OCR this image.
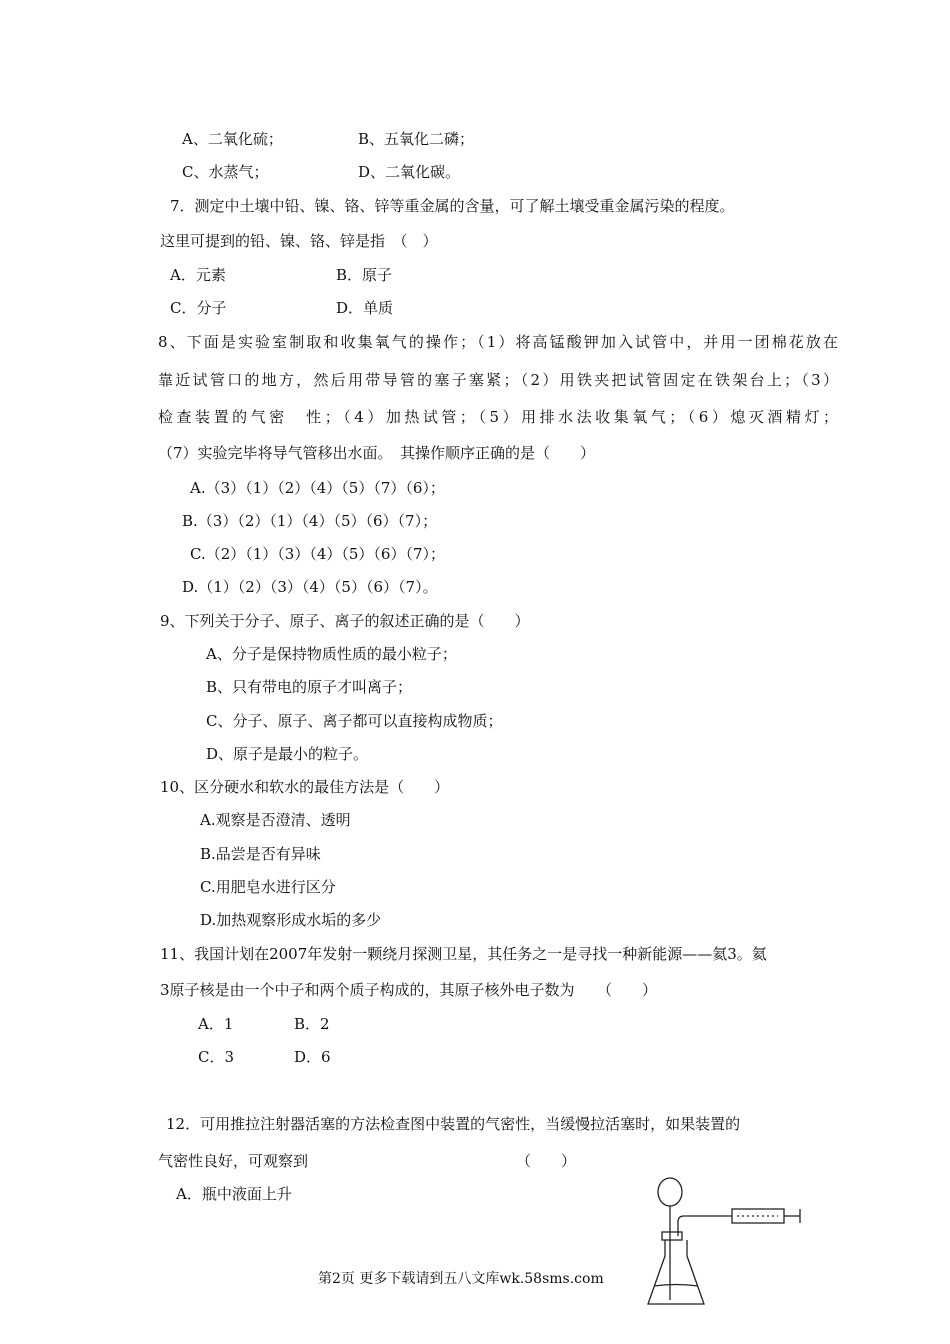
A、二氧化硫；	B、五氧化二磷；
C、水蒸气；	D、二氧化碳。
7．测定中土壤中铅、镍、铬、锌等重金属的含量，可了解土壤受重金属污染的程度。
这里可提到的铅、镍、铬、锌是指　（　）
A．元素	B．原子
C．分子	D．单质
8、下面是实验室制取和收集氧气的操作；（1）将高锰酸钾加入试管中，并用一团棉花放在
靠近试管口的地方，然后用带导管的塞子塞紧；（2）用铁夹把试管固定在铁架台上；（3）
检查装置的气密　性；（4）加热试管；（5）用排水法收集氧气；（6）熄灭酒精灯；
（7）实验完毕将导气管移出水面。　其操作顺序正确的是（　　）
A.（3）（1）（2）（4）（5）（7）（6）；
B.（3）（2）（1）（4）（5）（6）（7）；
C.（2）（1）（3）（4）（5）（6）（7）；
D.（1）（2）（3）（4）（5）（6）（7）。
9、下列关于分子、原子、离子的叙述正确的是（　　）
A、分子是保持物质性质的最小粒子；
B、只有带电的原子才叫离子；
C、分子、原子、离子都可以直接构成物质；
D、原子是最小的粒子。
10、区分硬水和软水的最佳方法是（　　）
A.观察是否澄清、透明
B.品尝是否有异味
C.用肥皂水进行区分
D.加热观察形成水垢的多少
11、我国计划在2007年发射一颗绕月探测卫星，其任务之一是寻找一种新能源——氦3。氦
3原子核是由一个中子和两个质子构成的，其原子核外电子数为　　（　　）
A．1	B．2
C．3	D．6
12．可用推拉注射器活塞的方法检查图中装置的气密性，当缓慢拉活塞时，如果装置的
气密性良好，可观察到	（　　）
A．瓶中液面上升
第2页 更多下载请到五八文库wk.58sms.com
